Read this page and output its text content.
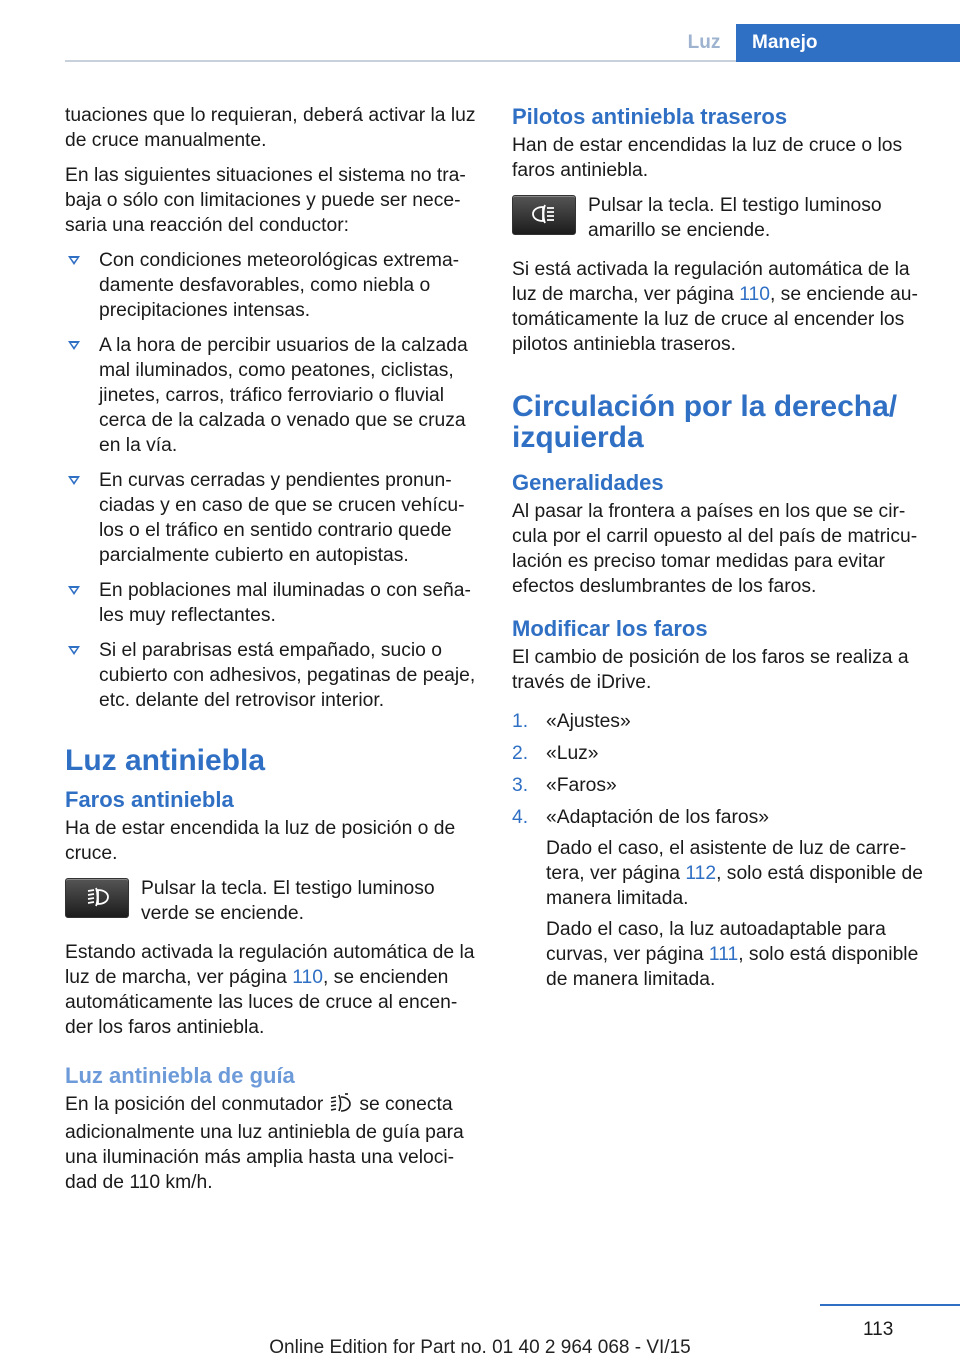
Luz	Manejo

tuaciones que lo requieran, deberá activar la luz de cruce manualmente.

En las siguientes situaciones el sistema no trabaja o sólo con limitaciones y puede ser necesaria una reacción del conductor:

Con condiciones meteorológicas extremadamente desfavorables, como niebla o precipitaciones intensas.
A la hora de percibir usuarios de la calzada mal iluminados, como peatones, ciclistas, jinetes, carros, tráfico ferroviario o fluvial cerca de la calzada o venado que se cruza en la vía.
En curvas cerradas y pendientes pronunciadas y en caso de que se crucen vehículos o el tráfico en sentido contrario quede parcialmente cubierto en autopistas.
En poblaciones mal iluminadas o con señales muy reflectantes.
Si el parabrisas está empañado, sucio o cubierto con adhesivos, pegatinas de peaje, etc. delante del retrovisor interior.
Luz antiniebla
Faros antiniebla

Ha de estar encendida la luz de posición o de cruce.

Pulsar la tecla. El testigo luminoso verde se enciende.

Estando activada la regulación automática de la luz de marcha, ver página 110, se encienden automáticamente las luces de cruce al encender los faros antiniebla.

Luz antiniebla de guía

En la posición del conmutador se conecta adicionalmente una luz antiniebla de guía para una iluminación más amplia hasta una velocidad de 110 km/h.

Pilotos antiniebla traseros

Han de estar encendidas la luz de cruce o los faros antiniebla.

Pulsar la tecla. El testigo luminoso amarillo se enciende.

Si está activada la regulación automática de la luz de marcha, ver página 110, se enciende automáticamente la luz de cruce al encender los pilotos antiniebla traseros.

Circulación por la derecha/ izquierda
Generalidades

Al pasar la frontera a países en los que se circula por el carril opuesto al del país de matriculación es preciso tomar medidas para evitar efectos deslumbrantes de los faros.

Modificar los faros

El cambio de posición de los faros se realiza a través de iDrive.

1. «Ajustes»
2. «Luz»
3. «Faros»
4. «Adaptación de los faros»
Dado el caso, el asistente de luz de carretera, ver página 112, solo está disponible de manera limitada.
Dado el caso, la luz autoadaptable para curvas, ver página 111, solo está disponible de manera limitada.
113
Online Edition for Part no. 01 40 2 964 068 - VI/15
